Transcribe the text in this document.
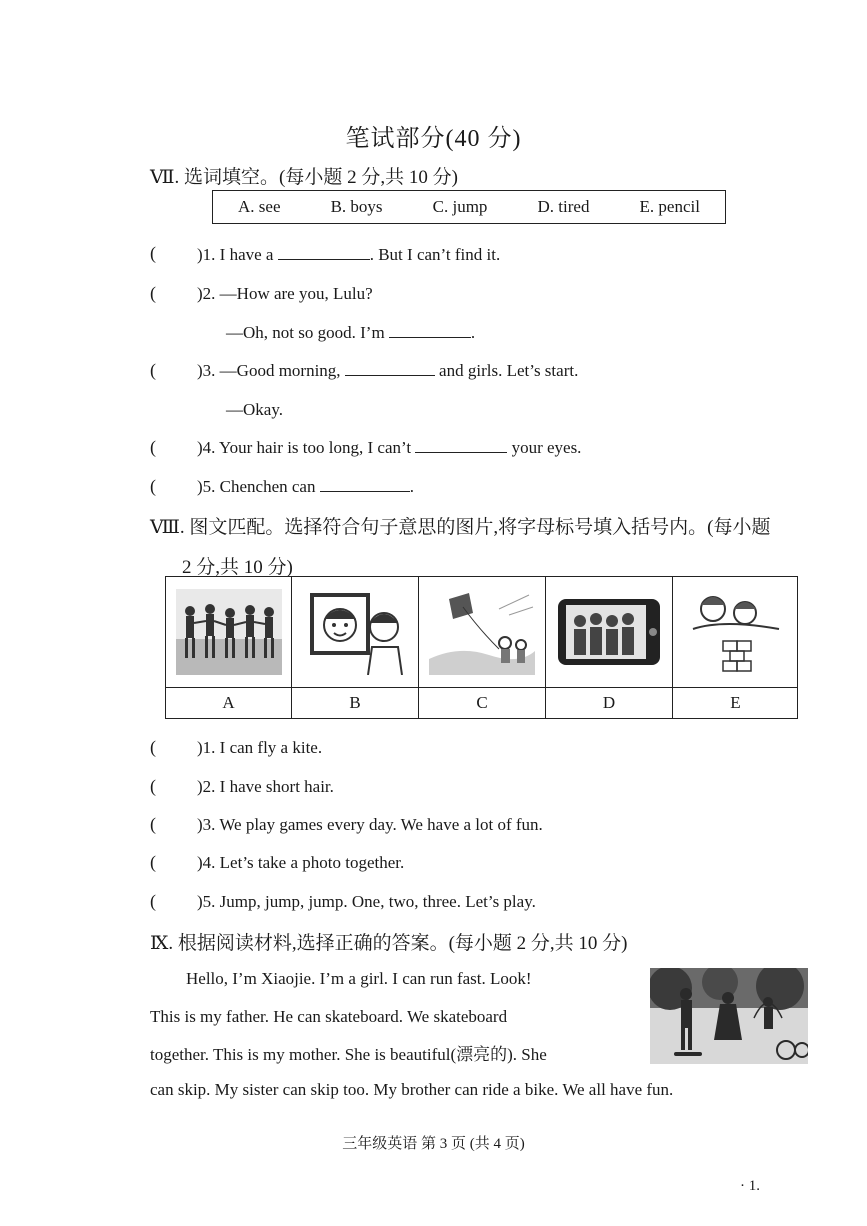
笔试部分(40 分)
Ⅶ. 选词填空。(每小题 2 分,共 10 分)
A. see	B. boys	C. jump	D. tired	E. pencil
( )1. I have a	. But I can’t find it.
( )2. —How are you, Lulu?
—Oh, not so good. I’m	.
( )3. —Good morning,	and girls. Let’s start.
—Okay.
( )4. Your hair is too long, I can’t	your eyes.
( )5. Chenchen can	.
Ⅷ. 图文匹配。选择符合句子意思的图片,将字母标号填入括号内。(每小题
2 分,共 10 分)
A	B	C	D	E
( )1. I can fly a kite.
( )2. I have short hair.
( )3. We play games every day. We have a lot of fun.
( )4. Let’s take a photo together.
( )5. Jump, jump, jump. One, two, three. Let’s play.
Ⅸ. 根据阅读材料,选择正确的答案。(每小题 2 分,共 10 分)
Hello, I’m Xiaojie. I’m a girl. I can run fast. Look!
This is my father. He can skateboard. We skateboard
together. This is my mother. She is beautiful(漂亮的). She
can skip. My sister can skip too. My brother can ride a bike. We all have fun.
三年级英语 第 3 页 (共 4 页)
· 1.
